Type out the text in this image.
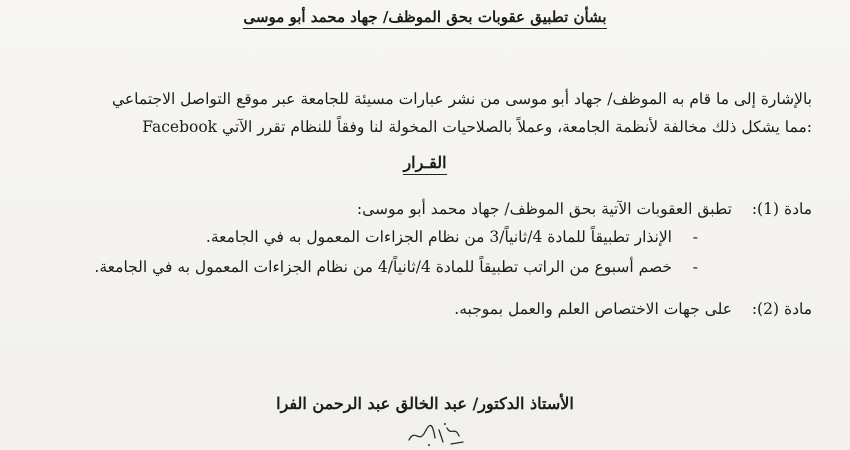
بشأن تطبيق عقوبات بحق الموظف/ جهاد محمد أبو موسى
بالإشارة إلى ما قام به الموظف/ جهاد أبو موسى من نشر عبارات مسيئة للجامعة عبر موقع التواصل الاجتماعي
Facebook مما يشكل ذلك مخالفة لأنظمة الجامعة، وعملاً بالصلاحيات المخولة لنا وفقاً للنظام تقرر الآتي:
القـرار
مادة (1):
تطبق العقوبات الآتية بحق الموظف/ جهاد محمد أبو موسى:
-
الإنذار تطبيقاً للمادة 4/ثانياً/3 من نظام الجزاءات المعمول به في الجامعة.
-
خصم أسبوع من الراتب تطبيقاً للمادة 4/ثانياً/4 من نظام الجزاءات المعمول به في الجامعة.
مادة (2):
على جهات الاختصاص العلم والعمل بموجبه.
الأستاذ الدكتور/ عبد الخالق عبد الرحمن الفرا
